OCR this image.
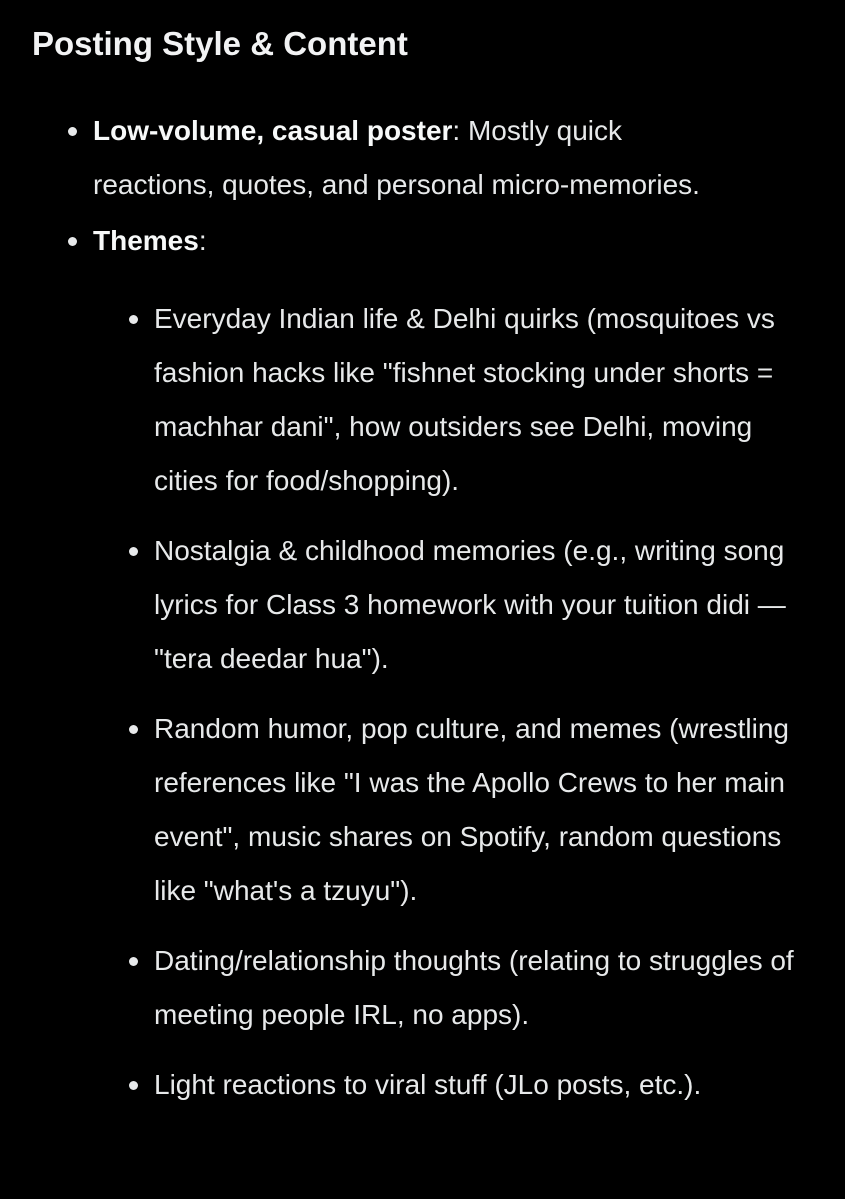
Posting Style & Content
Low-volume, casual poster: Mostly quick reactions, quotes, and personal micro-memories.
Themes:
Everyday Indian life & Delhi quirks (mosquitoes vs fashion hacks like "fishnet stocking under shorts = machhar dani", how outsiders see Delhi, moving cities for food/shopping).
Nostalgia & childhood memories (e.g., writing song lyrics for Class 3 homework with your tuition didi — "tera deedar hua").
Random humor, pop culture, and memes (wrestling references like "I was the Apollo Crews to her main event", music shares on Spotify, random questions like "what's a tzuyu").
Dating/relationship thoughts (relating to struggles of meeting people IRL, no apps).
Light reactions to viral stuff (JLo posts, etc.).
